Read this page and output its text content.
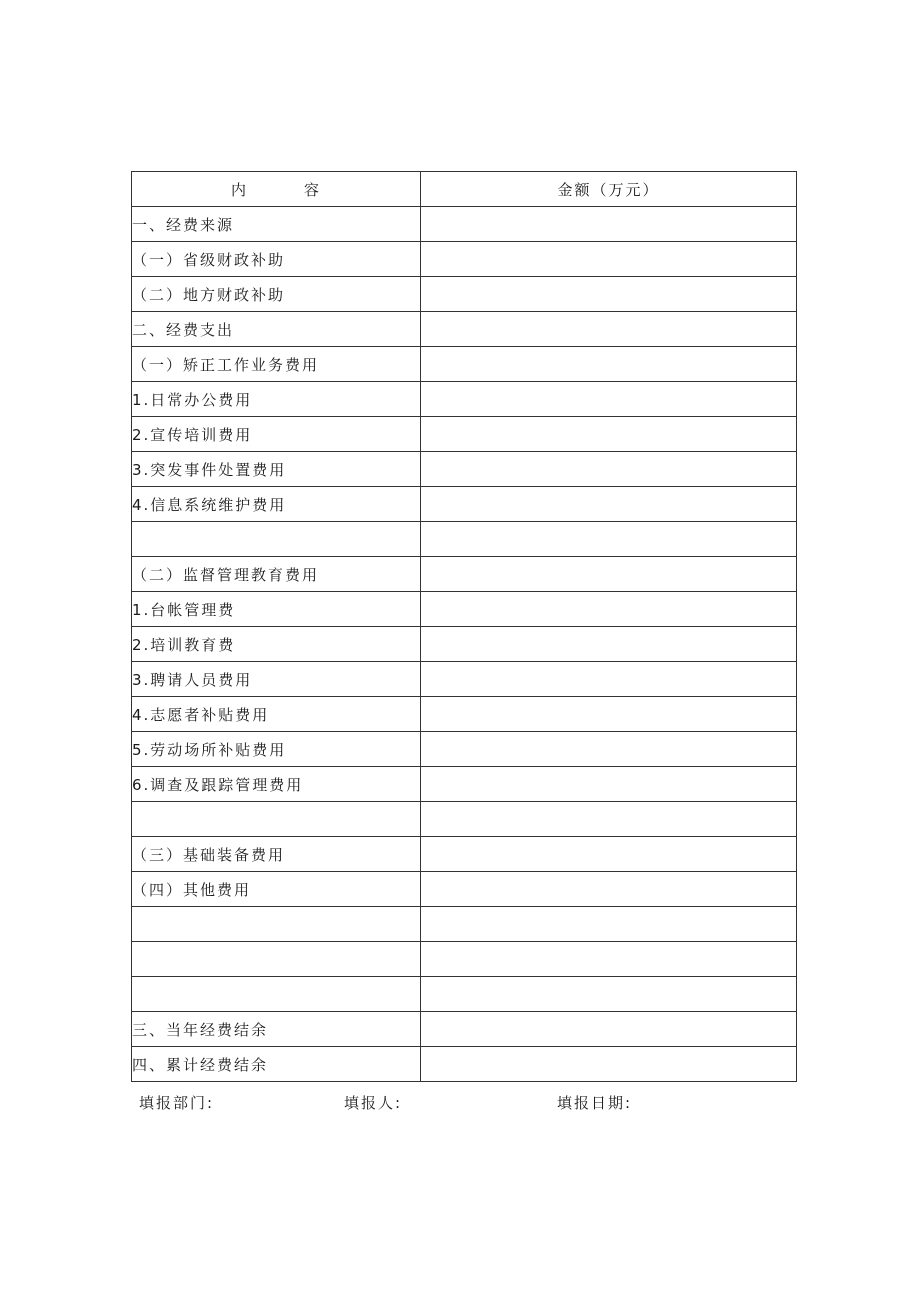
内 容	金额（万元）
一、经费来源	
（一）省级财政补助	
（二）地方财政补助	
二、经费支出	
（一）矫正工作业务费用	
1.日常办公费用	
2.宣传培训费用	
3.突发事件处置费用	
4.信息系统维护费用	

（二）监督管理教育费用	
1.台帐管理费	
2.培训教育费	
3.聘请人员费用	
4.志愿者补贴费用	
5.劳动场所补贴费用	
6.调查及跟踪管理费用	

（三）基础装备费用	
（四）其他费用	

三、当年经费结余	
四、累计经费结余	
填报部门:	填报人:	填报日期:
